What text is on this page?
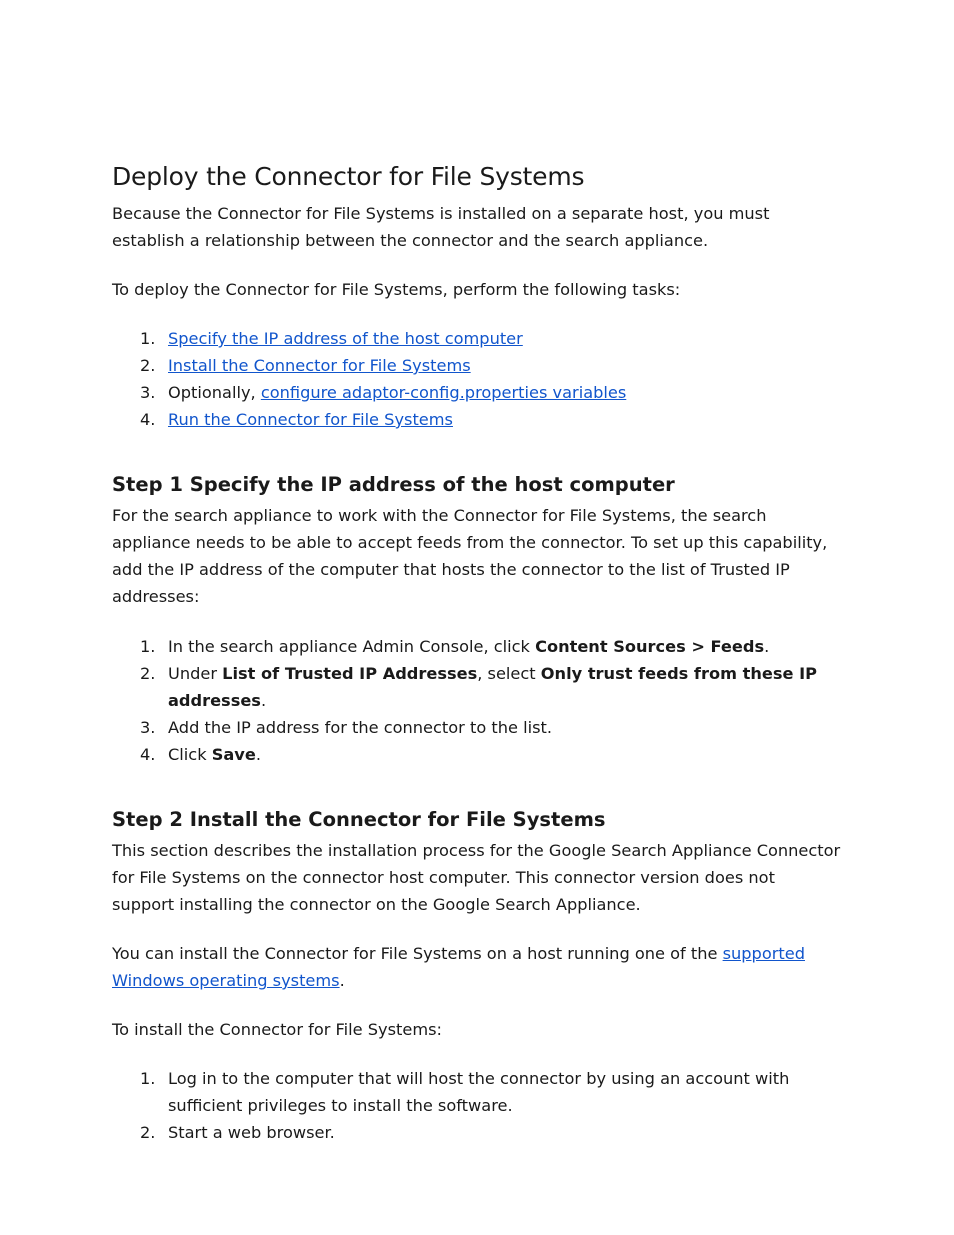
Deploy the Connector for File Systems

Because the Connector for File Systems is installed on a separate host, you must establish a relationship between the connector and the search appliance.

To deploy the Connector for File Systems, perform the following tasks:

1. Specify the IP address of the host computer
2. Install the Connector for File Systems
3. Optionally, configure adaptor-config.properties variables
4. Run the Connector for File Systems
Step 1 Specify the IP address of the host computer

For the search appliance to work with the Connector for File Systems, the search appliance needs to be able to accept feeds from the connector. To set up this capability, add the IP address of the computer that hosts the connector to the list of Trusted IP addresses:

1. In the search appliance Admin Console, click Content Sources > Feeds.
2. Under List of Trusted IP Addresses, select Only trust feeds from these IP addresses.
3. Add the IP address for the connector to the list.
4. Click Save.
Step 2 Install the Connector for File Systems

This section describes the installation process for the Google Search Appliance Connector for File Systems on the connector host computer. This connector version does not support installing the connector on the Google Search Appliance.

You can install the Connector for File Systems on a host running one of the supported Windows operating systems.

To install the Connector for File Systems:

1. Log in to the computer that will host the connector by using an account with sufficient privileges to install the software.
2. Start a web browser.
